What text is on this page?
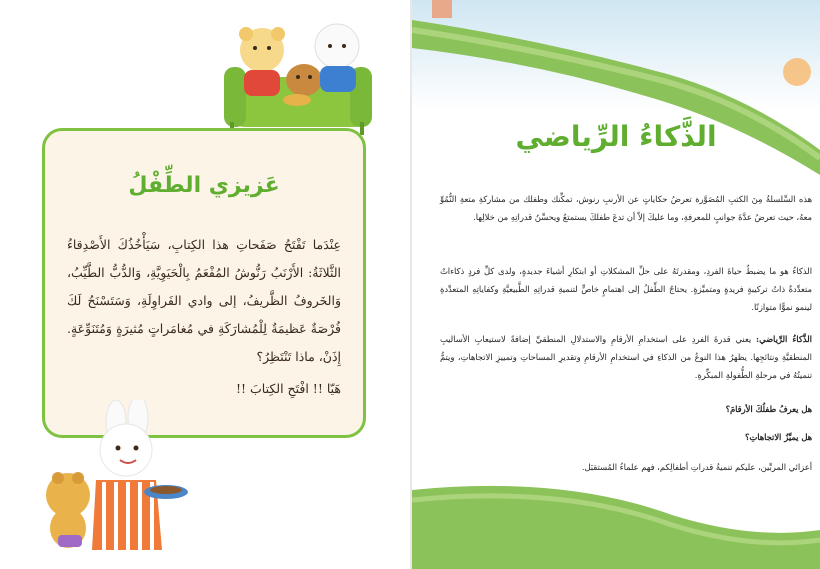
عَزيزي الطِّفْلُ

عِنْدَما تَفْتَحُ صَفَحاتِ هذا الكِتابِ، سَيَأْخُذُكَ الأَصْدِقاءُ الثَّلاثَةُ: الأَرْنَبُ رَنُّوشُ المُفْعَمُ بِالْحَيَوِيَّةِ، وَالدُّبُّ الطَّيِّبُ، وَالخَروفُ الظَّريفُ، إلى وادي الفَراوِلَةِ، وَسَتَسْنَحُ لَكَ فُرْصَةٌ عَظيمَةٌ لِلْمُشارَكَةِ في مُغامَراتٍ مُثيرَةٍ وَمُتَنَوِّعَةٍ. إِذَنْ، ماذا تَنْتَظِرُ؟

هَيّا !! افْتَحِ الكِتابَ !!

الذَّكاءُ الرِّياضي

هذه السِّلسلةُ مِنَ الكتبِ المُصَوَّرة تعرضُ حكاياتٍ عن الأرنبِ رنوش، تمكِّنك وطفلك من مشاركةِ متعةِ النُّمُوِّ معهُ، حيث تعرضُ عدَّةَ جوانبٍ للمعرفةِ، وما عليكَ إلاّ أن تدعَ طفلكَ يستمتعُ ويحسِّنُ قدراتِهِ من خلالِها.

الذكاءُ هو ما يضبطُ حياةَ الفردِ، ومقدرتَهُ على حلِّ المشكلاتِ أو ابتكارِ أشياءَ جديدةٍ، ولدى كلِّ فردٍ ذكاءاتٌ متعدِّدةٌ ذاتُ تركيبةٍ فريدةٍ ومتميِّزةٍ. يحتاجُ الطِّفلُ إلى اهتمامٍ خاصٍّ لتنميةِ قدراتِهِ الطَّبيعيَّةِ وكفاياتِهِ المتعدِّدةِ لينمو نموًّا متوازنًا.

الذَّكاءُ الرِّياضي: يعني قدرةَ الفردِ على استخدامِ الأرقامِ والاستدلالِ المنطقيِّ إضافةً لاستيعابِ الأساليبِ المنطقيَّةِ ونتائجِها. يظهرُ هذا النوعُ من الذكاءِ في استخدامِ الأرقامِ وتقديرِ المساحاتِ وتمييزِ الاتجاهاتِ، ويتمُّ تنميتُهُ في مرحلةِ الطُّفولةِ المبكِّرةِ.

هل يعرفُ طفلُكَ الأرقامَ؟

هل يميِّزُ الاتجاهاتِ؟

أعزائي المربِّين، عليكم تنميةُ قدراتِ أطفالِكم، فهم علماءُ المُستقبَل.
